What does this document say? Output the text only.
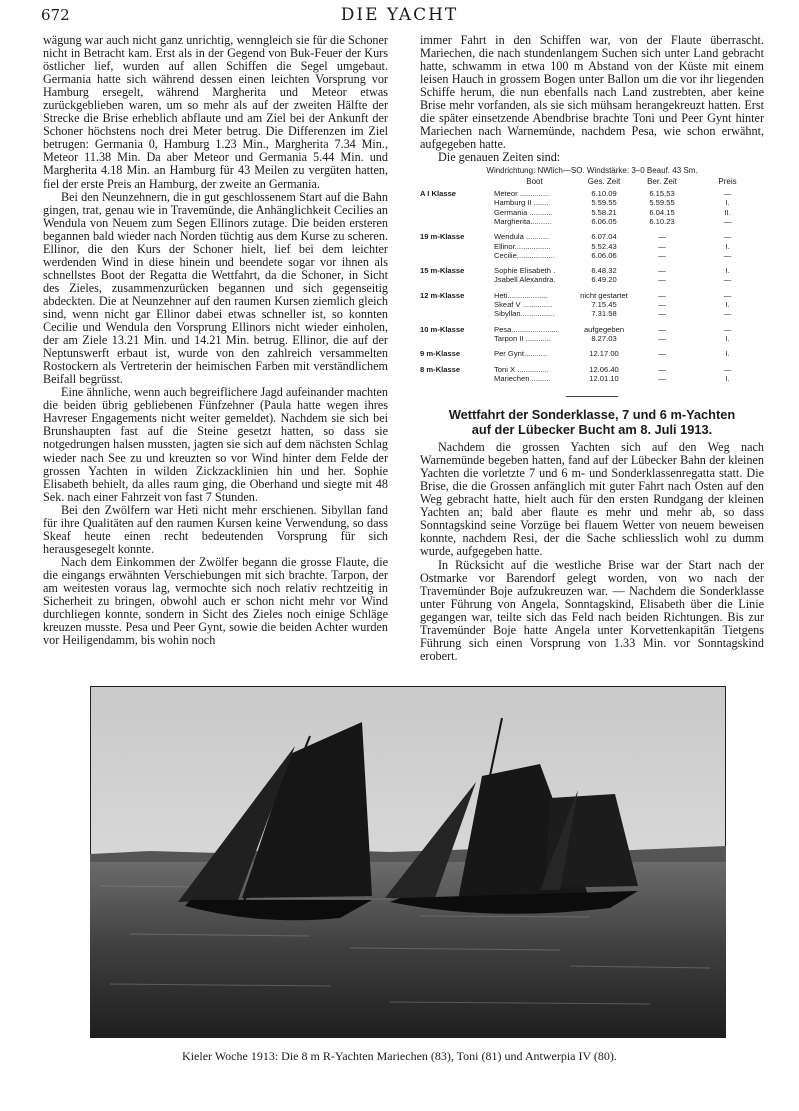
672	DIE YACHT

wägung war auch nicht ganz unrichtig, wenngleich sie für die Schoner nicht in Betracht kam. Erst als in der Gegend von Buk-Feuer der Kurs östlicher lief, wurden auf allen Schiffen die Segel umgebaut. Germania hatte sich während dessen einen leichten Vorsprung vor Hamburg ersegelt, während Margherita und Meteor etwas zurückgeblieben waren, um so mehr als auf der zweiten Hälfte der Strecke die Brise erheblich abflaute und am Ziel bei der Ankunft der Schoner höchstens noch drei Meter betrug. Die Differenzen im Ziel betrugen: Germania 0, Hamburg 1.23 Min., Margherita 7.34 Min., Meteor 11.38 Min. Da aber Meteor und Germania 5.44 Min. und Margherita 4.18 Min. an Hamburg für 43 Meilen zu vergüten hatten, fiel der erste Preis an Hamburg, der zweite an Germania.

Bei den Neunzehnern, die in gut geschlossenem Start auf die Bahn gingen, trat, genau wie in Travemünde, die Anhänglichkeit Cecilies an Wendula von Neuem zum Segen Ellinors zutage. Die beiden ersteren begannen bald wieder nach Norden tüchtig aus dem Kurse zu scheren. Ellinor, die den Kurs der Schoner hielt, lief bei dem leichter werdenden Wind in diese hinein und beendete sogar vor ihnen als schnellstes Boot der Regatta die Wettfahrt, da die Schoner, in Sicht des Zieles, zusammenzurücken begannen und sich gegenseitig abdeckten. Die at Neunzehner auf den raumen Kursen ziemlich gleich sind, wenn nicht gar Ellinor dabei etwas schneller ist, so konnten Cecilie und Wendula den Vorsprung Ellinors nicht wieder einholen, der am Ziele 13.21 Min. und 14.21 Min. betrug. Ellinor, die auf der Neptunswerft erbaut ist, wurde von den zahlreich versammelten Rostockern als Vertreterin der heimischen Farben mit verständlichem Beifall begrüsst.

Eine ähnliche, wenn auch begreiflichere Jagd aufeinander machten die beiden übrig gebliebenen Fünfzehner (Paula hatte wegen ihres Havreser Engagements nicht weiter gemeldet). Nachdem sie sich bei Brunshaupten fast auf die Steine gesetzt hatten, so dass sie notgedrungen halsen mussten, jagten sie sich auf dem nächsten Schlag wieder nach See zu und kreuzten so vor Wind hinter dem Felde der grossen Yachten in wilden Zickzacklinien hin und her. Sophie Elisabeth behielt, da alles raum ging, die Oberhand und siegte mit 48 Sek. nach einer Fahrzeit von fast 7 Stunden.

Bei den Zwölfern war Heti nicht mehr erschienen. Sibyllan fand für ihre Qualitäten auf den raumen Kursen keine Verwendung, so dass Skeaf heute einen recht bedeutenden Vorsprung für sich herausgesegelt konnte.

Nach dem Einkommen der Zwölfer begann die grosse Flaute, die die eingangs erwähnten Verschiebungen mit sich brachte. Tarpon, der am weitesten voraus lag, vermochte sich noch relativ rechtzeitig in Sicherheit zu bringen, obwohl auch er schon nicht mehr vor Wind durchliegen konnte, sondern in Sicht des Zieles noch einige Schläge kreuzen musste. Pesa und Peer Gynt, sowie die beiden Achter wurden vor Heiligendamm, bis wohin noch

immer Fahrt in den Schiffen war, von der Flaute überrascht. Mariechen, die nach stundenlangem Suchen sich unter Land gebracht hatte, schwamm in etwa 100 m Abstand von der Küste mit einem leisen Hauch in grossem Bogen unter Ballon um die vor ihr liegenden Schiffe herum, die nun ebenfalls nach Land zustrebten, aber keine Brise mehr vorfanden, als sie sich mühsam herangekreuzt hatten. Erst die später einsetzende Abendbrise brachte Toni und Peer Gynt hinter Mariechen nach Warnemünde, nachdem Pesa, wie schon erwähnt, aufgegeben hatte.

Die genauen Zeiten sind:

Windrichtung: NWlich—SO. Windstärke: 3–0 Beauf. 43 Sm.				
	Boot	Ges. Zeit	Ber. Zeit	Preis
A I Klasse	Meteor ..............	6.10.09	6.15.53	—
	Hamburg II .......	5.59.55	5.59.55	I.
	Germania ...........	5.58.21	6.04.15	II.
	Margherita..........	6.06.05	6.10.23	—
19 m-Klasse	Wendula ...........	6.07.04	—	—
	Ellinor.................	5.52.43	—	I.
	Cecilie..................	6.06.06	—	—
15 m-Klasse	Sophie Elisabeth .	6.48.32	—	I.
	Jsabell Alexandra.	6.49.20	—	—
12 m-Klasse	Heti...................	nicht gestartet	—	—
	Skeaf V ..............	7.15.45	—	I.
	Sibyllan................	7.31.58	—	—
10 m-Klasse	Pesa......................	aufgegeben	—	—
	Tarpon II ............	8.27.03	—	I.
9 m-Klasse	Per Gynt...........	12.17.00	—	I.
8 m-Klasse	Toni X ...............	12.06.40	—	—
	Mariechen .........	12.01.10	—	I.
Wettfahrt der Sonderklasse, 7 und 6 m-Yachten
auf der Lübecker Bucht am 8. Juli 1913.

Nachdem die grossen Yachten sich auf den Weg nach Warnemünde begeben hatten, fand auf der Lübecker Bahn der kleinen Yachten die vorletzte 7 und 6 m- und Sonderklassenregatta statt. Die Brise, die die Grossen anfänglich mit guter Fahrt nach Osten auf den Weg gebracht hatte, hielt auch für den ersten Rundgang der kleinen Yachten an; bald aber flaute es mehr und mehr ab, so dass Sonntagskind seine Vorzüge bei flauem Wetter von neuem beweisen konnte, nachdem Resi, der die Sache schliesslich wohl zu dumm wurde, aufgegeben hatte.

In Rücksicht auf die westliche Brise war der Start nach der Ostmarke vor Barendorf gelegt worden, von wo nach der Travemünder Boje aufzukreuzen war. — Nachdem die Sonderklasse unter Führung von Angela, Sonntagskind, Elisabeth über die Linie gegangen war, teilte sich das Feld nach beiden Richtungen. Bis zur Travemünder Boje hatte Angela unter Korvettenkapitän Tietgens Führung sich einen Vorsprung von 1.33 Min. vor Sonntagskind erobert.

Kieler Woche 1913: Die 8 m R-Yachten Mariechen (83), Toni (81) und Antwerpia IV (80).
